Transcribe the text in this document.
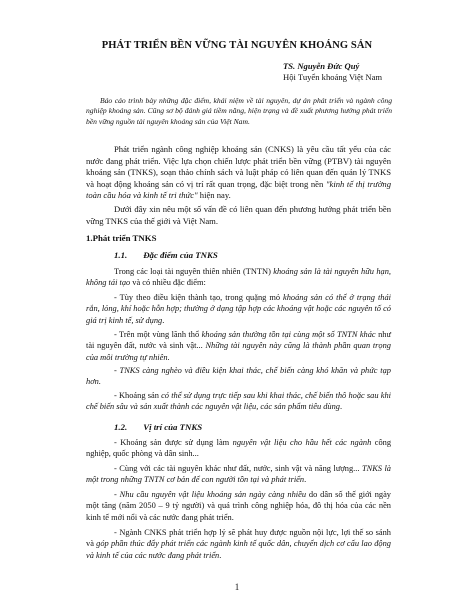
PHÁT TRIỂN BỀN VỮNG TÀI NGUYÊN KHOÁNG SẢN
TS. Nguyễn Đức Quý
Hội Tuyển khoáng Việt Nam
Báo cáo trình bày những đặc điểm, khái niệm về tài nguyên, dự án phát triển và ngành công nghiệp khoáng sản. Cũng sơ bộ đánh giá tiềm năng, hiện trạng và đề xuất phương hướng phát triển bền vững nguồn tài nguyên khoáng sản của Việt Nam.
Phát triển ngành công nghiệp khoáng sản (CNKS) là yêu cầu tất yếu của các nước đang phát triển. Việc lựa chọn chiến lược phát triển bền vững (PTBV) tài nguyên khoáng sản (TNKS), soạn thảo chính sách và luật pháp có liên quan đến quản lý TNKS và hoạt động khoáng sản có vị trí rất quan trọng, đặc biệt trong nền "kinh tế thị trường toàn cầu hóa và kinh tế tri thức" hiện nay.
Dưới đây xin nêu một số vấn đề có liên quan đến phương hướng phát triển bền vững TNKS của thế giới và Việt Nam.
1.Phát triển TNKS
1.1. Đặc điểm của TNKS
Trong các loại tài nguyên thiên nhiên (TNTN) khoáng sản là tài nguyên hữu hạn, không tái tạo và có nhiều đặc điểm:
- Tùy theo điều kiện thành tạo, trong quặng mỏ khoáng sản có thể ở trạng thái rắn, lỏng, khí hoặc hỗn hợp; thường ở dạng tập hợp các khoáng vật hoặc các nguyên tố có giá trị kinh tế, sử dụng.
- Trên một vùng lãnh thổ khoáng sản thường tồn tại cùng một số TNTN khác như tài nguyên đất, nước và sinh vật... Những tài nguyên này cũng là thành phần quan trọng của môi trường tự nhiên.
- TNKS càng nghèo và điều kiện khai thác, chế biến càng khó khăn và phức tạp hơn.
- Khoáng sản có thể sử dụng trực tiếp sau khi khai thác, chế biến thô hoặc sau khi chế biến sâu và sản xuất thành các nguyên vật liệu, các sản phẩm tiêu dùng.
1.2. Vị trí của TNKS
- Khoáng sản được sử dụng làm nguyên vật liệu cho hầu hết các ngành công nghiệp, quốc phòng và dân sinh...
- Cùng với các tài nguyên khác như đất, nước, sinh vật và năng lượng... TNKS là một trong những TNTN cơ bản để con người tồn tại và phát triển.
- Nhu cầu nguyên vật liệu khoáng sản ngày càng nhiều do dân số thế giới ngày một tăng (năm 2050 – 9 tỷ người) và quá trình công nghiệp hóa, đô thị hóa của các nền kinh tế mới nổi và các nước đang phát triển.
- Ngành CNKS phát triển hợp lý sẽ phát huy được nguồn nội lực, lợi thế so sánh và góp phần thúc đẩy phát triển các ngành kinh tế quốc dân, chuyển dịch cơ cấu lao động và kinh tế của các nước đang phát triển.
1
